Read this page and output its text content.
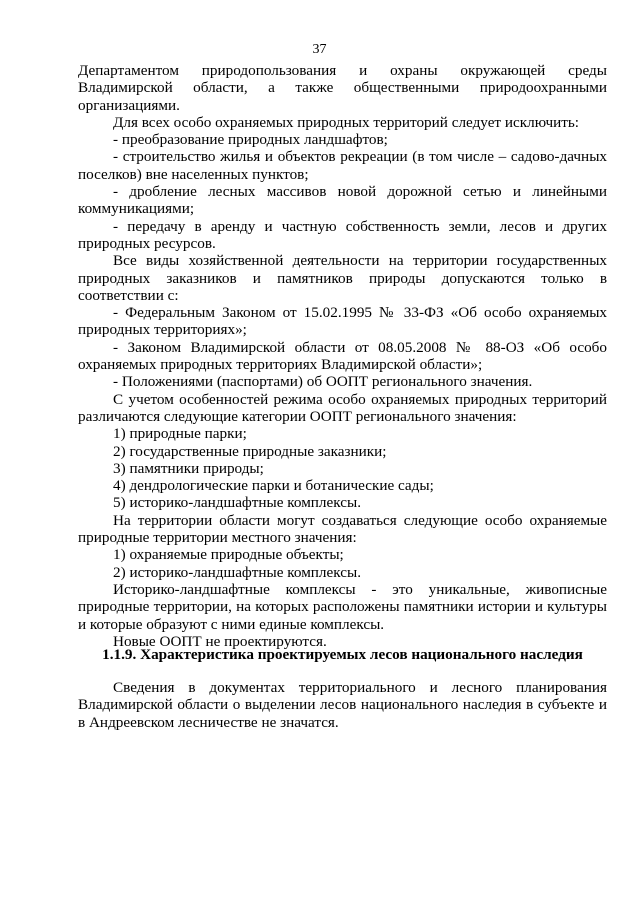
37

Департаментом природопользования и охраны окружающей среды Владимирской области, а также общественными природоохранными организациями.

Для всех особо охраняемых природных территорий следует исключить:

- преобразование природных ландшафтов;

- строительство жилья и объектов рекреации (в том числе – садово-дачных поселков) вне населенных пунктов;

- дробление лесных массивов новой дорожной сетью и линейными коммуникациями;

- передачу в аренду и частную собственность земли, лесов и других природных ресурсов.

Все виды хозяйственной деятельности на территории государственных природных заказников и памятников природы допускаются только в соответствии с:

- Федеральным Законом от 15.02.1995 № 33-ФЗ «Об особо охраняемых природных территориях»;

- Законом Владимирской области от 08.05.2008 № 88-ОЗ «Об особо охраняемых природных территориях Владимирской области»;

- Положениями (паспортами) об ООПТ регионального значения.

С учетом особенностей режима особо охраняемых природных территорий различаются следующие категории ООПТ регионального значения:

1) природные парки;

2) государственные природные заказники;

3) памятники природы;

4) дендрологические парки и ботанические сады;

5) историко-ландшафтные комплексы.

На территории области могут создаваться следующие особо охраняемые природные территории местного значения:

1) охраняемые природные объекты;

2) историко-ландшафтные комплексы.

Историко-ландшафтные комплексы - это уникальные, живописные природные территории, на которых расположены памятники истории и культуры и которые образуют с ними единые комплексы.

Новые ООПТ не проектируются.

1.1.9. Характеристика проектируемых лесов национального наследия

Сведения в документах территориального и лесного планирования Владимирской области о выделении лесов национального наследия в субъекте и в Андреевском лесничестве не значатся.
